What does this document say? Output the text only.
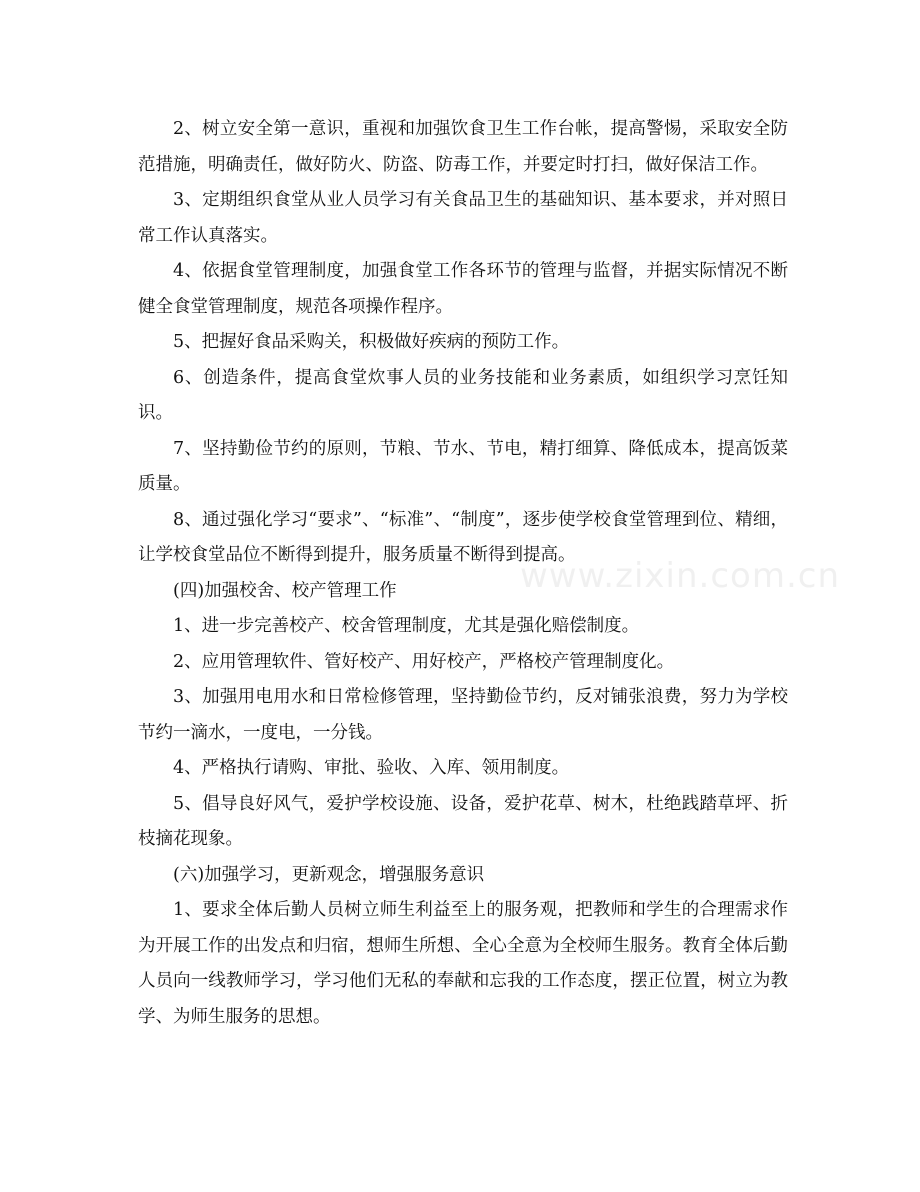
2、树立安全第一意识，重视和加强饮食卫生工作台帐，提高警惕，采取安全防范措施，明确责任，做好防火、防盗、防毒工作，并要定时打扫，做好保洁工作。

3、定期组织食堂从业人员学习有关食品卫生的基础知识、基本要求，并对照日常工作认真落实。

4、依据食堂管理制度，加强食堂工作各环节的管理与监督，并据实际情况不断健全食堂管理制度，规范各项操作程序。

5、把握好食品采购关，积极做好疾病的预防工作。

6、创造条件，提高食堂炊事人员的业务技能和业务素质，如组织学习烹饪知识。

7、坚持勤俭节约的原则，节粮、节水、节电，精打细算、降低成本，提高饭菜质量。

8、通过强化学习“要求”、“标准”、“制度”，逐步使学校食堂管理到位、精细，让学校食堂品位不断得到提升，服务质量不断得到提高。

(四)加强校舍、校产管理工作

1、进一步完善校产、校舍管理制度，尤其是强化赔偿制度。

2、应用管理软件、管好校产、用好校产，严格校产管理制度化。

3、加强用电用水和日常检修管理，坚持勤俭节约，反对铺张浪费，努力为学校节约一滴水，一度电，一分钱。

4、严格执行请购、审批、验收、入库、领用制度。

5、倡导良好风气，爱护学校设施、设备，爱护花草、树木，杜绝践踏草坪、折枝摘花现象。

(六)加强学习，更新观念，增强服务意识

1、要求全体后勤人员树立师生利益至上的服务观，把教师和学生的合理需求作为开展工作的出发点和归宿，想师生所想、全心全意为全校师生服务。教育全体后勤人员向一线教师学习，学习他们无私的奉献和忘我的工作态度，摆正位置，树立为教学、为师生服务的思想。

www.zixin.com.cn
